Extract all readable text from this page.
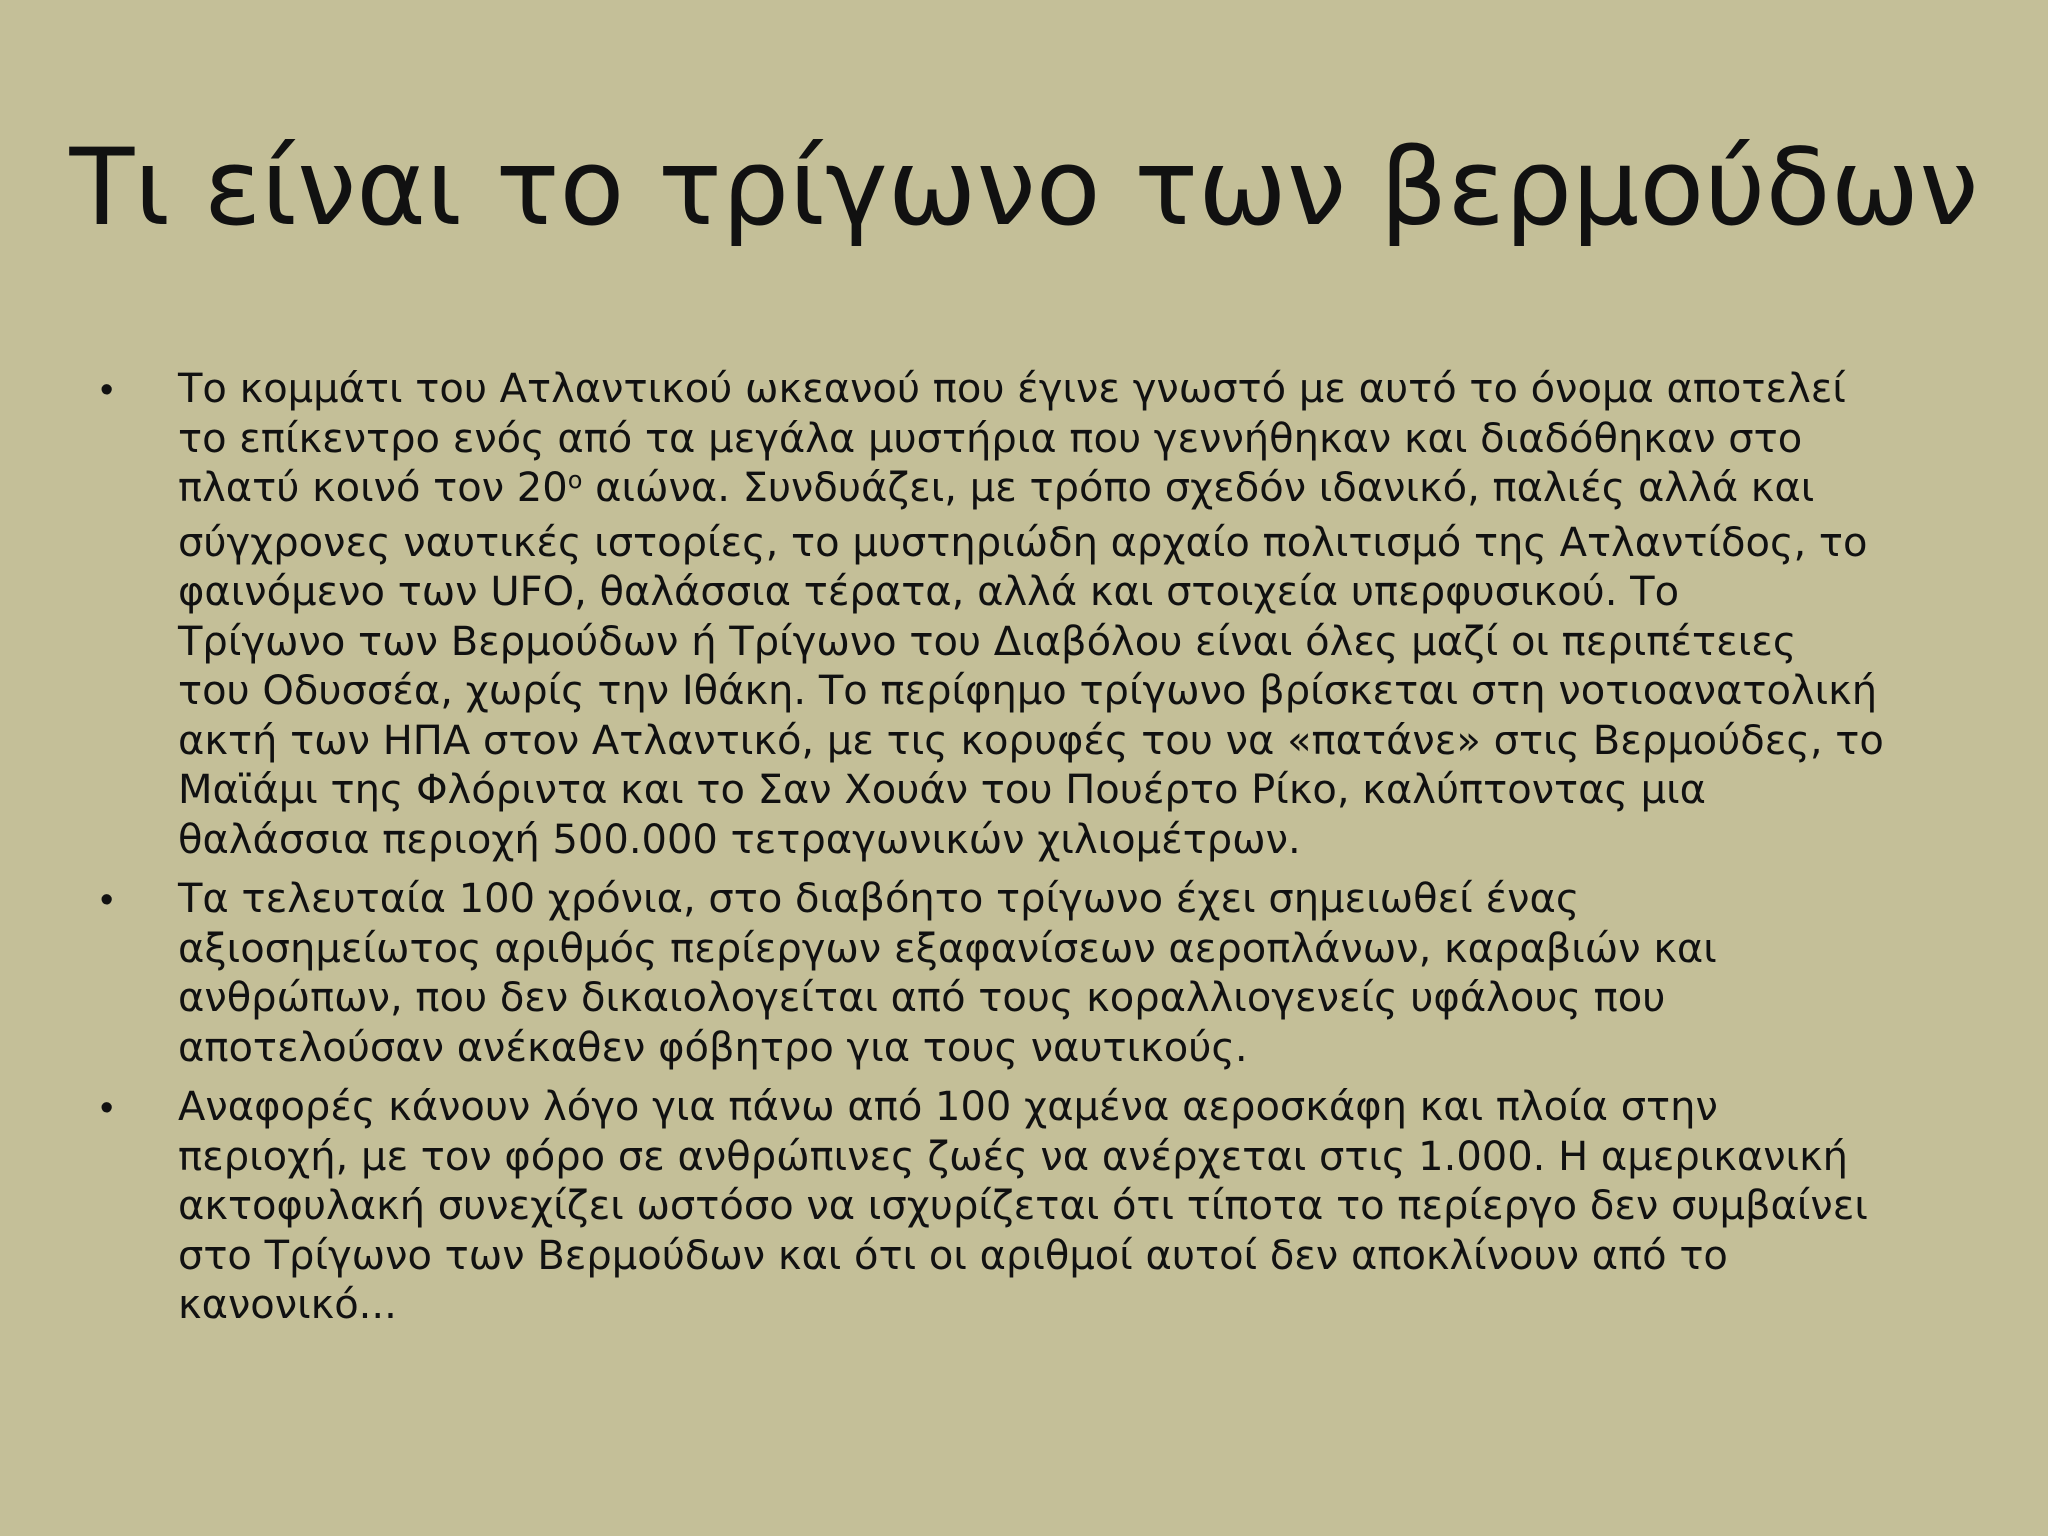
Τι είναι το τρίγωνο των βερμούδων
•	Το κομμάτι του Ατλαντικού ωκεανού που έγινε γνωστό με αυτό το όνομα αποτελεί
το επίκεντρο ενός από τα μεγάλα μυστήρια που γεννήθηκαν και διαδόθηκαν στο
πλατύ κοινό τον $20^o$ αιώνα. Συνδυάζει, με τρόπο σχεδόν ιδανικό, παλιές αλλά και
σύγχρονες ναυτικές ιστορίες, το μυστηριώδη αρχαίο πολιτισμό της Ατλαντίδος, το
φαινόμενο των UFO, θαλάσσια τέρατα, αλλά και στοιχεία υπερφυσικού. Το
Τρίγωνο των Βερμούδων ή Τρίγωνο του Διαβόλου είναι όλες μαζί οι περιπέτειες
του Οδυσσέα, χωρίς την Ιθάκη. Το περίφημο τρίγωνο βρίσκεται στη νοτιοανατολική
ακτή των ΗΠΑ στον Ατλαντικό, με τις κορυφές του να «πατάνε» στις Βερμούδες, το
Μαϊάμι της Φλόριντα και το Σαν Χουάν του Πουέρτο Ρίκο, καλύπτοντας μια
θαλάσσια περιοχή 500.000 τετραγωνικών χιλιομέτρων.
•	Τα τελευταία 100 χρόνια, στο διαβόητο τρίγωνο έχει σημειωθεί ένας
αξιοσημείωτος αριθμός περίεργων εξαφανίσεων αεροπλάνων, καραβιών και
ανθρώπων, που δεν δικαιολογείται από τους κοραλλιογενείς υφάλους που
αποτελούσαν ανέκαθεν φόβητρο για τους ναυτικούς.
•	Αναφορές κάνουν λόγο για πάνω από 100 χαμένα αεροσκάφη και πλοία στην
περιοχή, με τον φόρο σε ανθρώπινες ζωές να ανέρχεται στις 1.000. Η αμερικανική
ακτοφυλακή συνεχίζει ωστόσο να ισχυρίζεται ότι τίποτα το περίεργο δεν συμβαίνει
στο Τρίγωνο των Βερμούδων και ότι οι αριθμοί αυτοί δεν αποκλίνουν από το
κανονικό...
